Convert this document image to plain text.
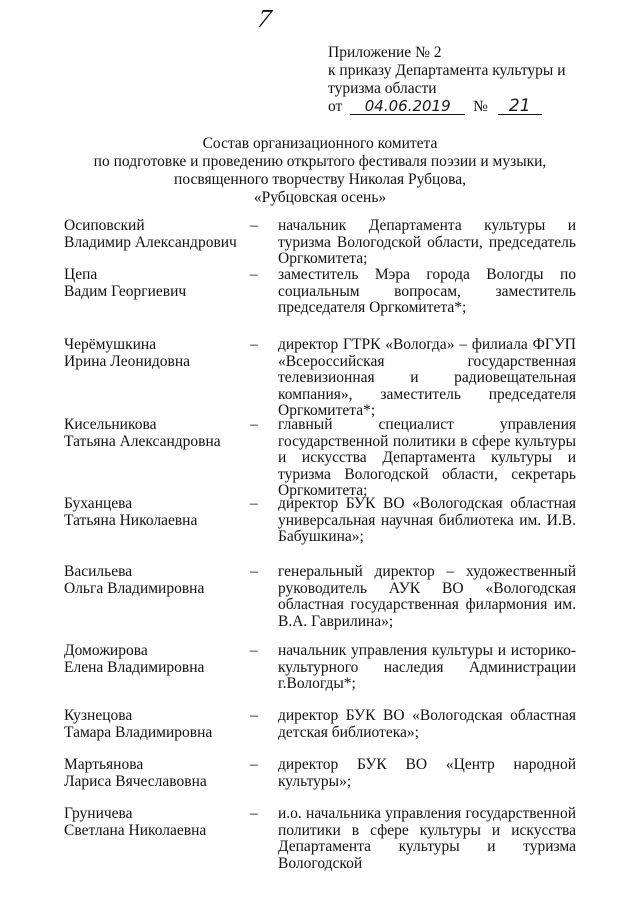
7
Приложение № 2
к приказу Департамента культуры и
туризма области
от 04.06.2019 № 21
Состав организационного комитета
по подготовке и проведению открытого фестиваля поэзии и музыки,
посвященного творчеству Николая Рубцова,
«Рубцовская осень»
Осиповский
Владимир Александрович
–	начальник Департамента культуры и туризма Вологодской области, председатель Оргкомитета;
Цепа
Вадим Георгиевич
–	заместитель Мэра города Вологды по социальным вопросам, заместитель председателя Оргкомитета*;
Черёмушкина
Ирина Леонидовна
–	директор ГТРК «Вологда» – филиала ФГУП «Всероссийская государственная телевизионная и радиовещательная компания», заместитель председателя Оргкомитета*;
Кисельникова
Татьяна Александровна
–	главный специалист управления государственной политики в сфере культуры и искусства Департамента культуры и туризма Вологодской области, секретарь Оргкомитета;
Буханцева
Татьяна Николаевна
–	директор БУК ВО «Вологодская областная универсальная научная библиотека им. И.В. Бабушкина»;
Васильева
Ольга Владимировна
–	генеральный директор – художественный руководитель АУК ВО «Вологодская областная государственная филармония им. В.А. Гаврилина»;
Доможирова
Елена Владимировна
–	начальник управления культуры и историко-культурного наследия Администрации г.Вологды*;
Кузнецова
Тамара Владимировна
–	директор БУК ВО «Вологодская областная детская библиотека»;
Мартьянова
Лариса Вячеславовна
–	директор БУК ВО «Центр народной культуры»;
Груничева
Светлана Николаевна
–	и.о. начальника управления государственной политики в сфере культуры и искусства Департамента культуры и туризма Вологодской
